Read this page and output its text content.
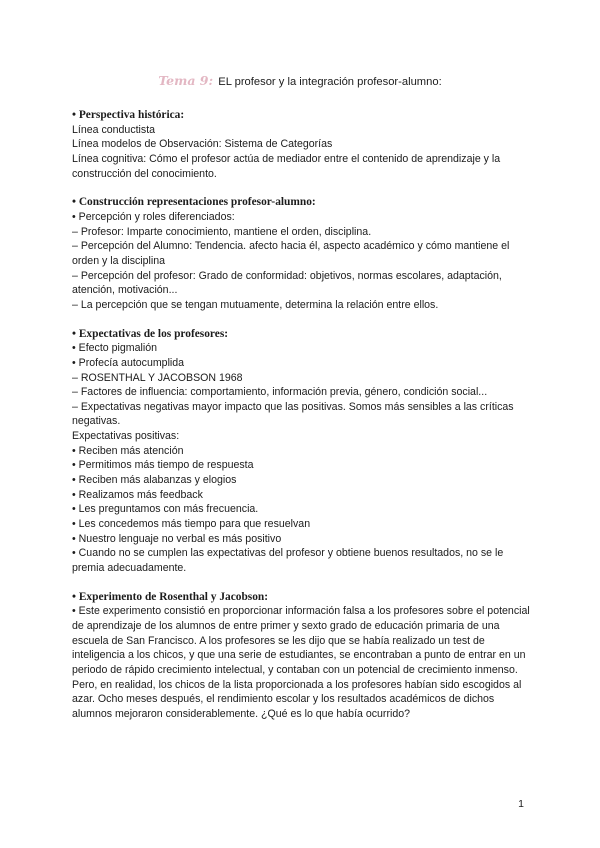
Tema 9: EL profesor y la integración profesor-alumno:
• Perspectiva histórica:
Línea conductista
Línea modelos de Observación: Sistema de Categorías
Línea cognitiva: Cómo el profesor actúa de mediador entre el contenido de aprendizaje y la construcción del conocimiento.
• Construcción representaciones profesor-alumno:
• Percepción y roles diferenciados:
– Profesor: Imparte conocimiento, mantiene el orden, disciplina.
– Percepción del Alumno: Tendencia. afecto hacia él, aspecto académico y cómo mantiene el orden y la disciplina
– Percepción del profesor: Grado de conformidad: objetivos, normas escolares, adaptación, atención, motivación...
– La percepción que se tengan mutuamente, determina la relación entre ellos.
• Expectativas de los profesores:
• Efecto pigmalión
• Profecía autocumplida
– ROSENTHAL Y JACOBSON 1968
– Factores de influencia: comportamiento, información previa, género, condición social...
– Expectativas negativas mayor impacto que las positivas. Somos más sensibles a las críticas negativas.
Expectativas positivas:
• Reciben más atención
• Permitimos más tiempo de respuesta
• Reciben más alabanzas y elogios
• Realizamos más feedback
• Les preguntamos con más frecuencia.
• Les concedemos más tiempo para que resuelvan
• Nuestro lenguaje no verbal es más positivo
• Cuando no se cumplen las expectativas del profesor y obtiene buenos resultados, no se le premia adecuadamente.
• Experimento de Rosenthal y Jacobson:
• Este experimento consistió en proporcionar información falsa a los profesores sobre el potencial de aprendizaje de los alumnos de entre primer y sexto grado de educación primaria de una escuela de San Francisco. A los profesores se les dijo que se había realizado un test de inteligencia a los chicos, y que una serie de estudiantes, se encontraban a punto de entrar en un periodo de rápido crecimiento intelectual, y contaban con un potencial de crecimiento inmenso. Pero, en realidad, los chicos de la lista proporcionada a los profesores habían sido escogidos al azar. Ocho meses después, el rendimiento escolar y los resultados académicos de dichos alumnos mejoraron considerablemente. ¿Qué es lo que había ocurrido?
1
